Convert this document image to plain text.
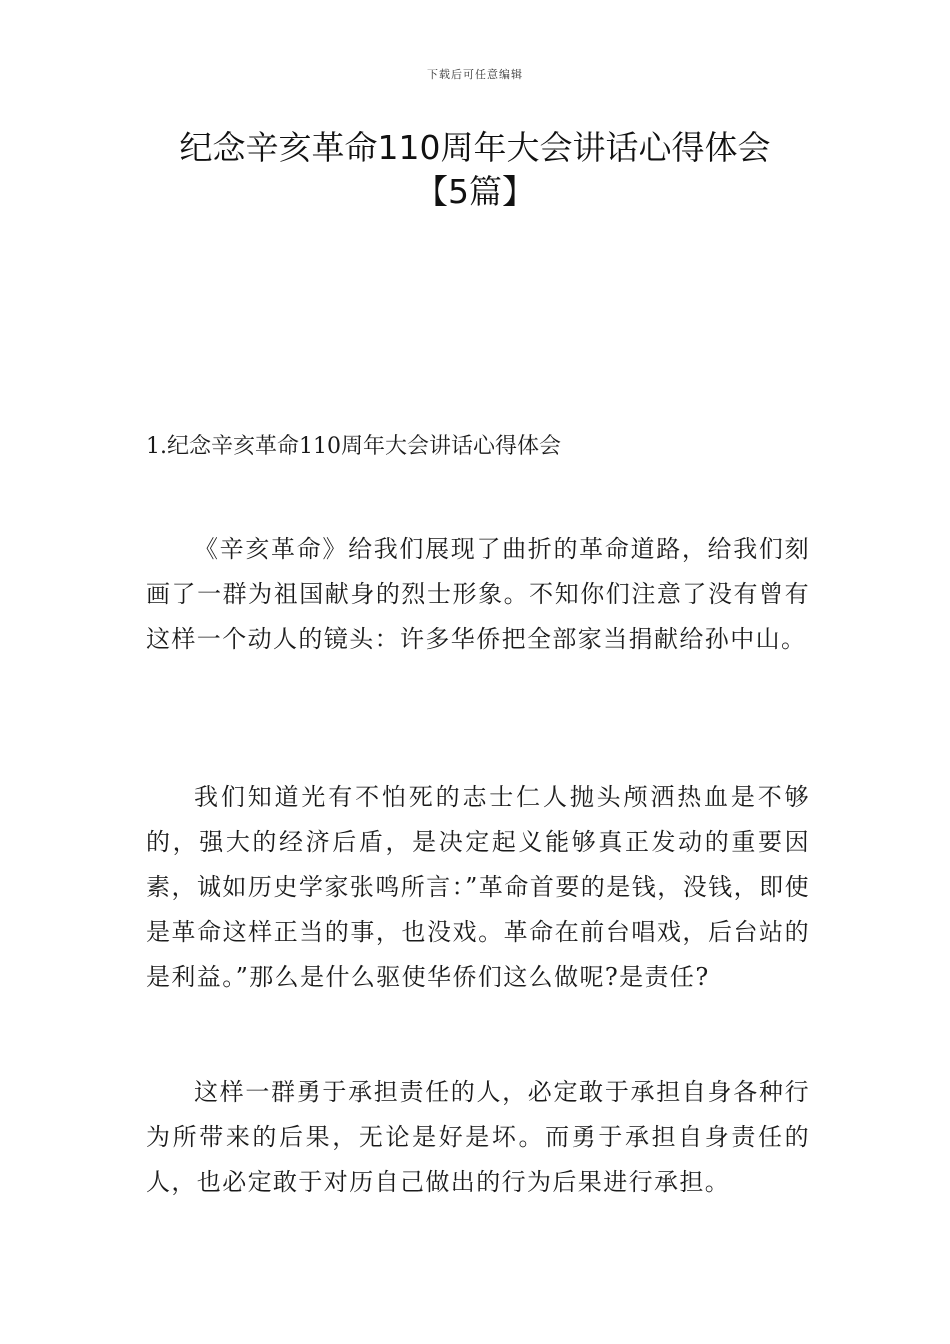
下载后可任意编辑
纪念辛亥革命110周年大会讲话心得体会
【5篇】
1.纪念辛亥革命110周年大会讲话心得体会

《辛亥革命》给我们展现了曲折的革命道路，给我们刻画了一群为祖国献身的烈士形象。不知你们注意了没有曾有这样一个动人的镜头：许多华侨把全部家当捐献给孙中山。

我们知道光有不怕死的志士仁人抛头颅洒热血是不够的，强大的经济后盾，是决定起义能够真正发动的重要因素，诚如历史学家张鸣所言：”革命首要的是钱，没钱，即使是革命这样正当的事，也没戏。革命在前台唱戏，后台站的是利益。”那么是什么驱使华侨们这么做呢?是责任?

这样一群勇于承担责任的人，必定敢于承担自身各种行为所带来的后果，无论是好是坏。而勇于承担自身责任的人，也必定敢于对历自己做出的行为后果进行承担。
